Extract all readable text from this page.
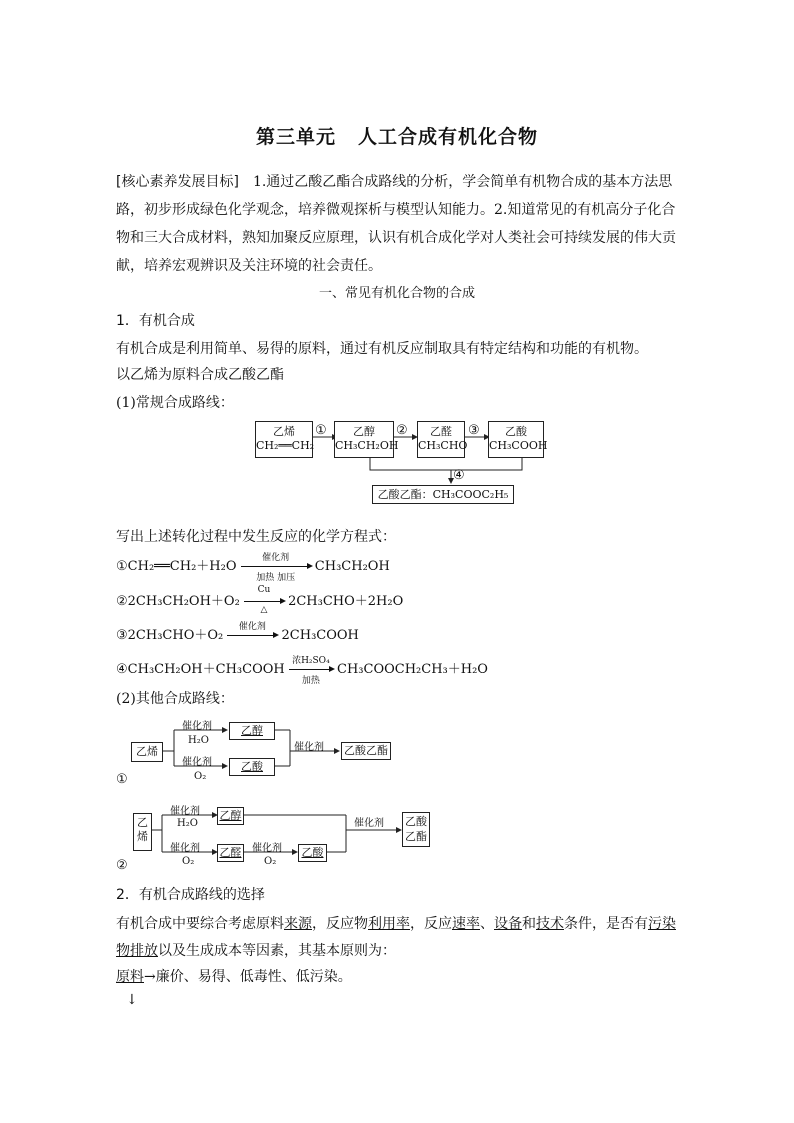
第三单元 人工合成有机化合物
[核心素养发展目标]　 1.通过乙酸乙酯合成路线的分析，学会简单有机物合成的基本方法思路，初步形成绿色化学观念，培养微观探析与模型认知能力。2.知道常见的有机高分子化合物和三大合成材料，熟知加聚反应原理，认识有机合成化学对人类社会可持续发展的伟大贡献，培养宏观辨识及关注环境的社会责任。
一、常见有机化合物的合成
1．有机合成
有机合成是利用简单、易得的原料，通过有机反应制取具有特定结构和功能的有机物。
以乙烯为原料合成乙酸乙酯
(1)常规合成路线：
乙烯
CH₂══CH₂
①	乙醇
CH₃CH₂OH
②	乙醛
CH₃CHO
③	乙酸
CH₃COOH
④
乙酸乙酯：CH₃COOC₂H₅
写出上述转化过程中发生反应的化学方程式：
①CH₂══CH₂＋H₂O
催化剂
加热 加压
CH₃CH₂OH
②2CH₃CH₂OH＋O₂
Cu
△
2CH₃CHO＋2H₂O
③2CH₃CHO＋O₂
催化剂
2CH₃COOH
④CH₃CH₂OH＋CH₃COOH
浓H₂SO₄
加热
CH₃COOCH₂CH₃＋H₂O
(2)其他合成路线：
乙烯
催化剂
H₂O
乙醇
催化剂
O₂
乙酸
催化剂 乙酸乙酯
①
乙烯
催化剂
H₂O
乙醇
催化剂
O₂
乙醛 催化剂
O₂
乙酸
催化剂 乙酸乙酯
②
2．有机合成路线的选择
有机合成中要综合考虑原料来源，反应物利用率，反应速率、设备和技术条件，是否有污染
物排放以及生成成本等因素，其基本原则为：
原料→廉价、易得、低毒性、低污染。
↓
